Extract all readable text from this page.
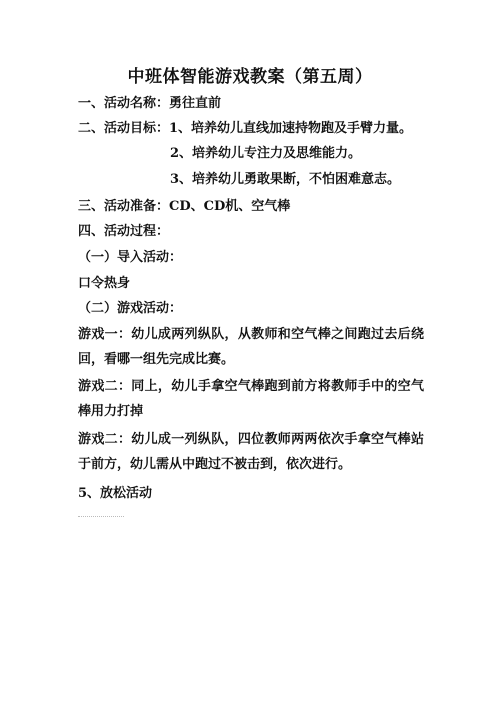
中班体智能游戏教案（第五周）
一、活动名称：勇往直前
二、活动目标：1、培养幼儿直线加速持物跑及手臂力量。
2、培养幼儿专注力及思维能力。
3、培养幼儿勇敢果断，不怕困难意志。
三、活动准备：CD、CD机、空气棒
四、活动过程：
（一）导入活动：
口令热身
（二）游戏活动：
游戏一：幼儿成两列纵队，从教师和空气棒之间跑过去后绕回，看哪一组先完成比赛。
游戏二：同上，幼儿手拿空气棒跑到前方将教师手中的空气棒用力打掉
游戏二：幼儿成一列纵队，四位教师两两依次手拿空气棒站于前方，幼儿需从中跑过不被击到，依次进行。
5、放松活动
